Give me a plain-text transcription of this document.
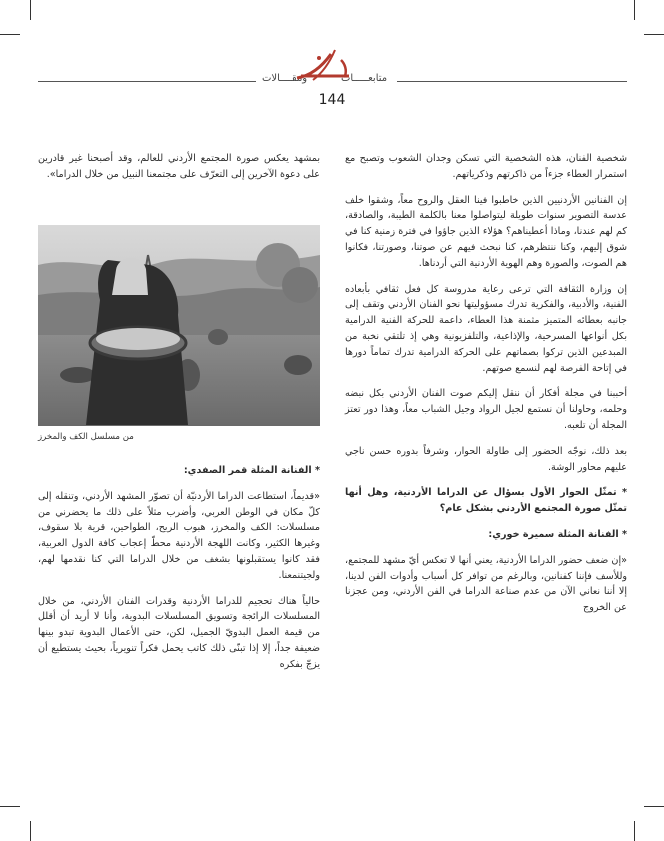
متابعـــــات
ومقــــالات
144

شخصية الفنان، هذه الشخصية التي تسكن وجدان الشعوب وتصبح مع استمرار العطاء جزءاً من ذاكرتهم وذكرياتهم.

إن الفنانين الأردنيين الذين خاطبوا فينا العقل والروح معاً، وشقوا خلف عدسة التصوير سنوات طويلة ليتواصلوا معنا بالكلمة الطيبة، والصادقة، كم لهم عندنا، وماذا أعطيناهم؟ هؤلاء الذين جاؤوا في فترة زمنية كنا في شوق إليهم، وكنا ننتظرهم، كنا نبحث فيهم عن صوتنا، وصورتنا، فكانوا هم الصوت، والصورة وهم الهوية الأردنية التي أردناها.

إن وزارة الثقافة التي ترعى رعاية مدروسة كل فعل ثقافي بأبعاده الفنية، والأدبية، والفكرية تدرك مسؤوليتها نحو الفنان الأردني وتقف إلى جانبه بعطائه المتميز مثمنة هذا العطاء، داعمة للحركة الفنية الدرامية بكل أنواعها المسرحية، والإذاعية، والتلفزيونية وهي إذ تلتقي نخبة من المبدعين الذين تركوا بصماتهم على الحركة الدرامية تدرك تماماً دورها في إتاحة الفرصة لهم لنسمع صوتهم.

أحببنا في مجلة أفكار أن ننقل إليكم صوت الفنان الأردني بكل نبضه وحلمه، وحاولنا أن نستمع لجيل الرواد وجيل الشباب معاً، وهذا دور تعتز المجلة أن تلعبه.

بعد ذلك، نوجّه الحضور إلى طاولة الحوار، وشرفاً بدوره حسن ناجي عليهم محاور الوشة.

* تمثّل الحوار الأول بسؤال عن الدراما الأردنية، وهل أنها تمثّل صورة المجتمع الأردني بشكل عام؟

* الفنانة المثلة سميرة خوري:

«إن ضعف حضور الدراما الأردنية، يعني أنها لا تعكس أيّ مشهد للمجتمع، وللأسف فإننا كفنانين، وبالرغم من توافر كل أسباب وأدوات الفن لدينا، إلا أننا نعاني الآن من عدم صناعة الدراما في الفن الأردني، ومن عجزنا عن الخروج

بمشهد يعكس صورة المجتمع الأردني للعالم، وقد أصبحنا غير قادرين على دعوة الآخرين إلى التعرّف على مجتمعنا النبيل من خلال الدراما».

من مسلسل الكف والمخرز

* الفنانة المثلة قمر الصفدي:

«قديماً، استطاعت الدراما الأردنيّة أن تصوّر المشهد الأردني، وتنقله إلى كلّ مكان في الوطن العربي، وأضرب مثلاً على ذلك ما يحضرني من مسلسلات: الكف والمخرز، هبوب الريح، الطواحين، قرية بلا سقوف، وغيرها الكثير، وكانت اللهجة الأردنية محطّ إعجاب كافة الدول العربية، فقد كانوا يستقبلونها بشغف من خلال الدراما التي كنا نقدمها لهم، ولجيتنمعنا.

حالياً هناك تحجيم للدراما الأردنية وقدرات الفنان الأردني، من خلال المسلسلات الرائجة وتسويق المسلسلات البدوية، وأنا لا أريد أن أقلل من قيمة العمل البدويّ الجميل، لكن، حتى الأعمال البدوية تبدو بينها ضعيفة جداً، إلا إذا تبنّى ذلك كاتب يحمل فكراً تنويرياً، بحيث يستطيع أن يزجّ بفكره
